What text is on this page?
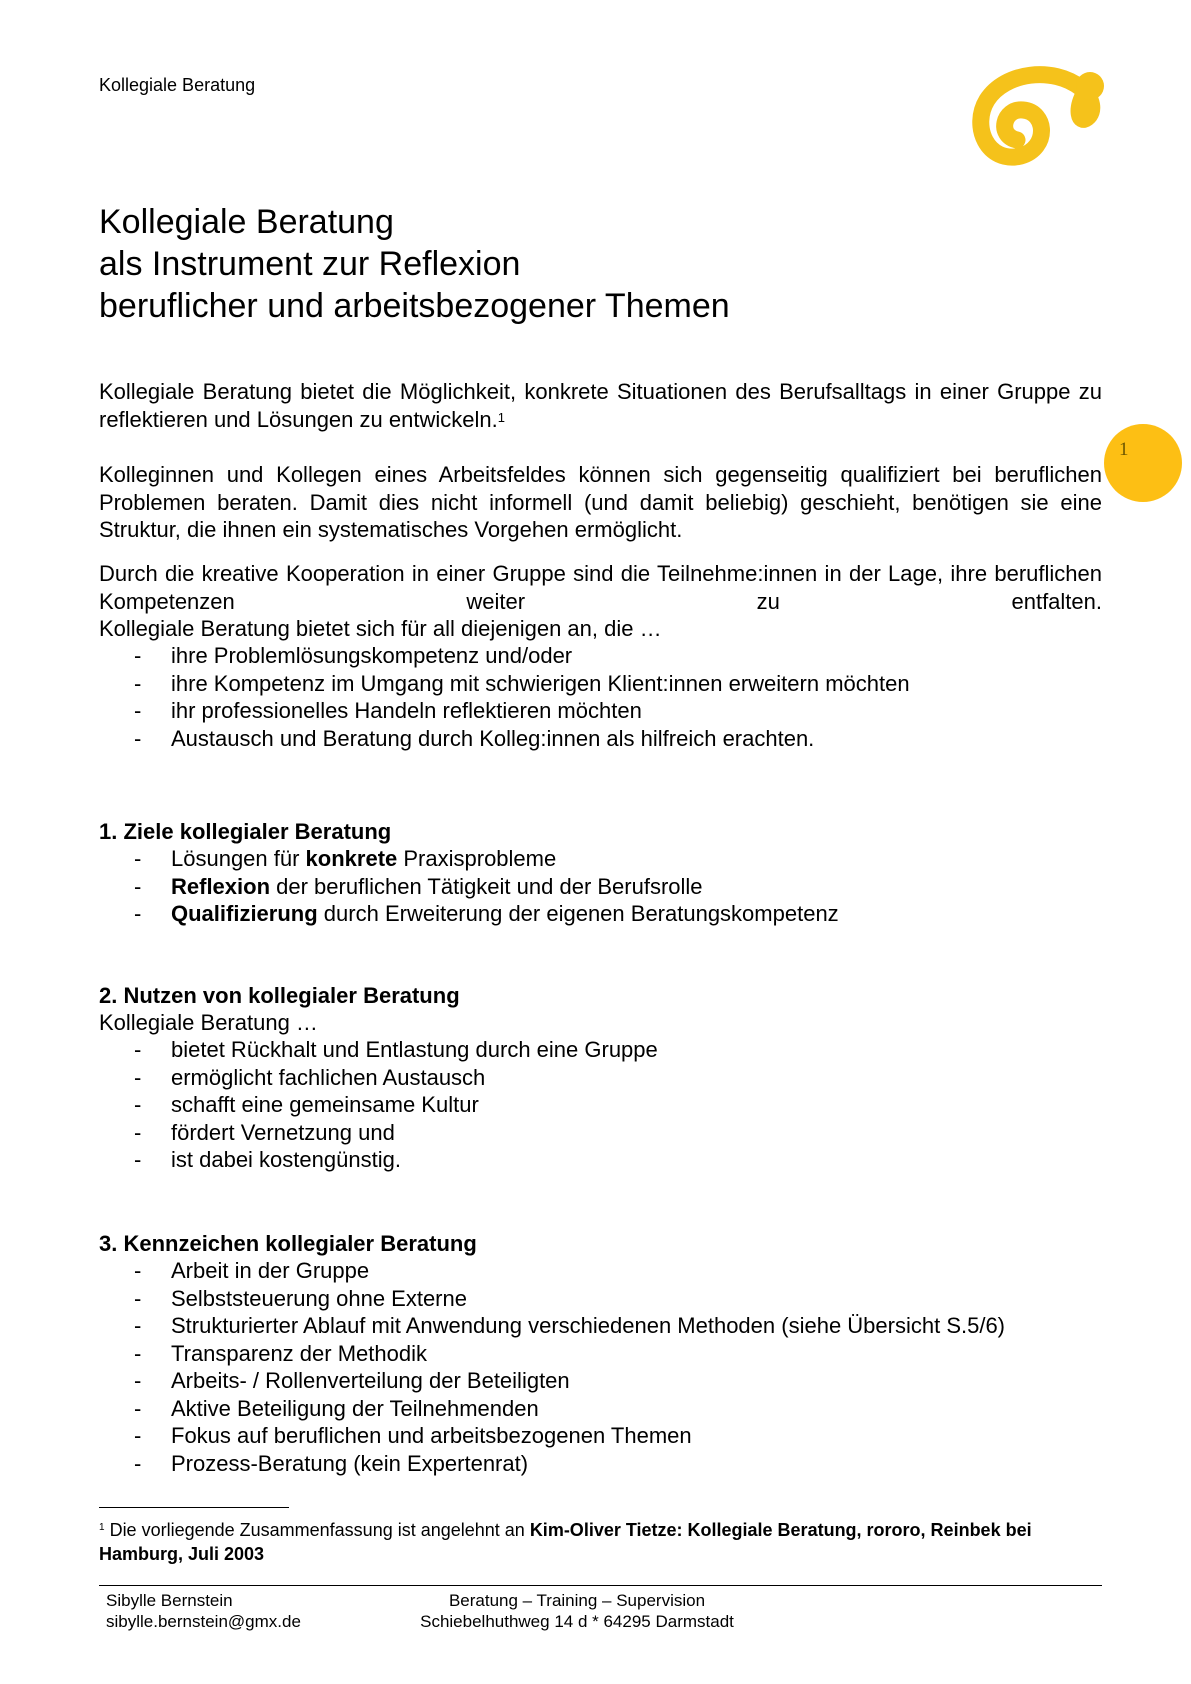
Kollegiale Beratung
1
Kollegiale Beratung
als Instrument zur Reflexion
beruflicher und arbeitsbezogener Themen
Kollegiale Beratung bietet die Möglichkeit, konkrete Situationen des Berufsalltags in einer Gruppe zu reflektieren und Lösungen zu entwickeln.$^1$
Kolleginnen und Kollegen eines Arbeitsfeldes können sich gegenseitig qualifiziert bei beruflichen Problemen beraten. Damit dies nicht informell (und damit beliebig) geschieht, benötigen sie eine Struktur, die ihnen ein systematisches Vorgehen ermöglicht.
Durch die kreative Kooperation in einer Gruppe sind die Teilnehme:innen in der Lage, ihre beruflichen Kompetenzen weiter zu entfalten.
Kollegiale Beratung bietet sich für all diejenigen an, die …
- ihre Problemlösungskompetenz und/oder
- ihre Kompetenz im Umgang mit schwierigen Klient:innen erweitern möchten
- ihr professionelles Handeln reflektieren möchten
- Austausch und Beratung durch Kolleg:innen als hilfreich erachten.
1. Ziele kollegialer Beratung
- Lösungen für konkrete Praxisprobleme
- Reflexion der beruflichen Tätigkeit und der Berufsrolle
- Qualifizierung durch Erweiterung der eigenen Beratungskompetenz
2. Nutzen von kollegialer Beratung
Kollegiale Beratung …
- bietet Rückhalt und Entlastung durch eine Gruppe
- ermöglicht fachlichen Austausch
- schafft eine gemeinsame Kultur
- fördert Vernetzung und
- ist dabei kostengünstig.
3. Kennzeichen kollegialer Beratung
- Arbeit in der Gruppe
- Selbststeuerung ohne Externe
- Strukturierter Ablauf mit Anwendung verschiedenen Methoden (siehe Übersicht S.5/6)
- Transparenz der Methodik
- Arbeits- / Rollenverteilung der Beteiligten
- Aktive Beteiligung der Teilnehmenden
- Fokus auf beruflichen und arbeitsbezogenen Themen
- Prozess-Beratung (kein Expertenrat)
$^1$ Die vorliegende Zusammenfassung ist angelehnt an Kim-Oliver Tietze: Kollegiale Beratung, rororo, Reinbek bei Hamburg, Juli 2003
Sibylle Bernstein
sibylle.bernstein@gmx.de
Beratung – Training – Supervision
Schiebelhuthweg 14 d * 64295 Darmstadt
